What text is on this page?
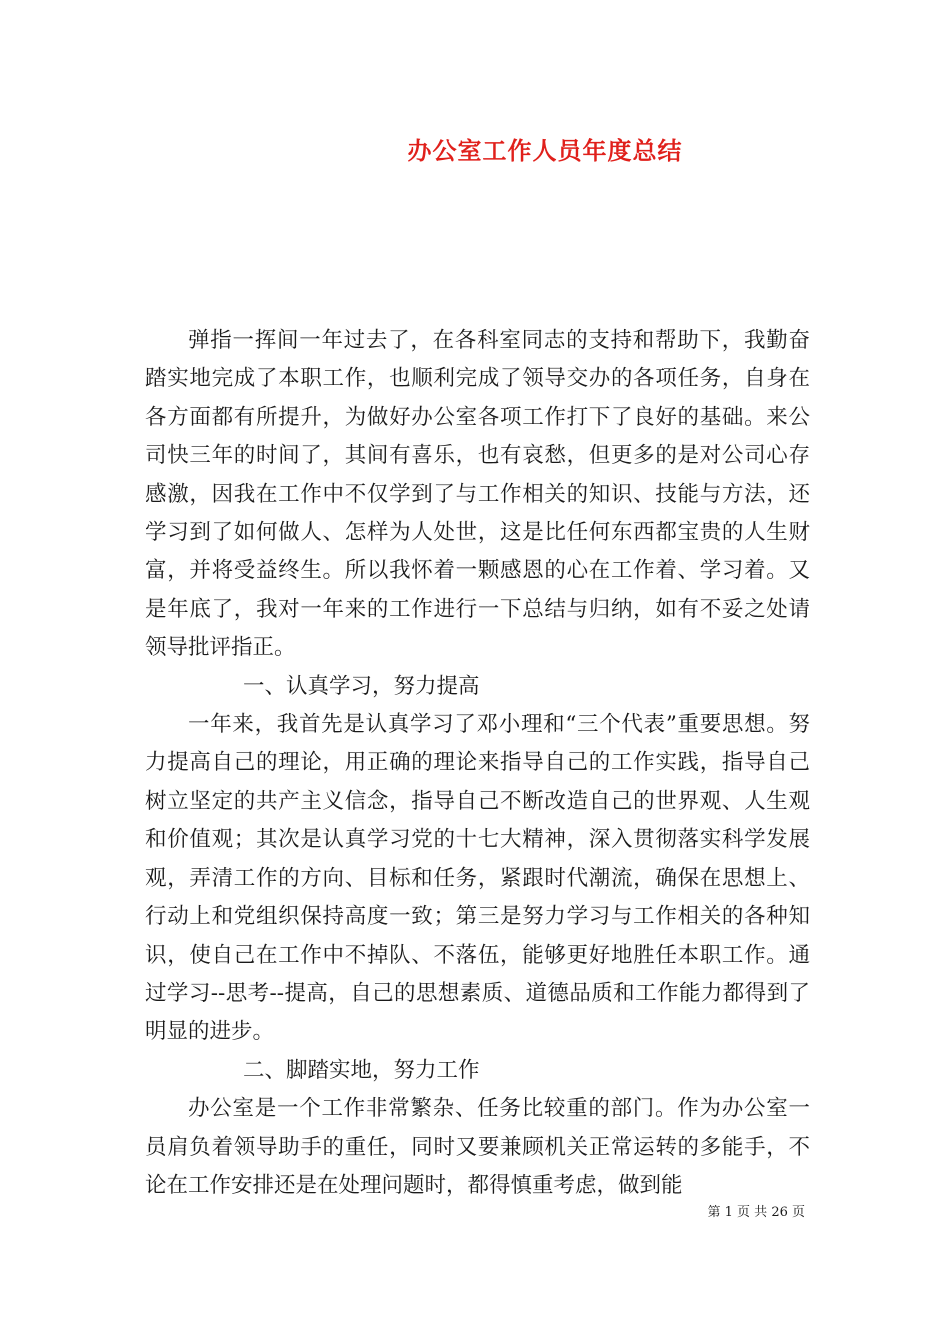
办公室工作人员年度总结

弹指一挥间一年过去了，在各科室同志的支持和帮助下，我勤奋踏实地完成了本职工作，也顺利完成了领导交办的各项任务，自身在各方面都有所提升，为做好办公室各项工作打下了良好的基础。来公司快三年的时间了，其间有喜乐，也有哀愁，但更多的是对公司心存感激，因我在工作中不仅学到了与工作相关的知识、技能与方法，还学习到了如何做人、怎样为人处世，这是比任何东西都宝贵的人生财富，并将受益终生。所以我怀着一颗感恩的心在工作着、学习着。又是年底了，我对一年来的工作进行一下总结与归纳，如有不妥之处请领导批评指正。

一、认真学习，努力提高

一年来，我首先是认真学习了邓小理和“三个代表”重要思想。努力提高自己的理论，用正确的理论来指导自己的工作实践，指导自己树立坚定的共产主义信念，指导自己不断改造自己的世界观、人生观和价值观；其次是认真学习党的十七大精神，深入贯彻落实科学发展观，弄清工作的方向、目标和任务，紧跟时代潮流，确保在思想上、行动上和党组织保持高度一致；第三是努力学习与工作相关的各种知识，使自己在工作中不掉队、不落伍，能够更好地胜任本职工作。通过学习--思考--提高，自己的思想素质、道德品质和工作能力都得到了明显的进步。

二、脚踏实地，努力工作

办公室是一个工作非常繁杂、任务比较重的部门。作为办公室一员肩负着领导助手的重任，同时又要兼顾机关正常运转的多能手，不论在工作安排还是在处理问题时，都得慎重考虑，做到能

第 1 页 共 26 页
